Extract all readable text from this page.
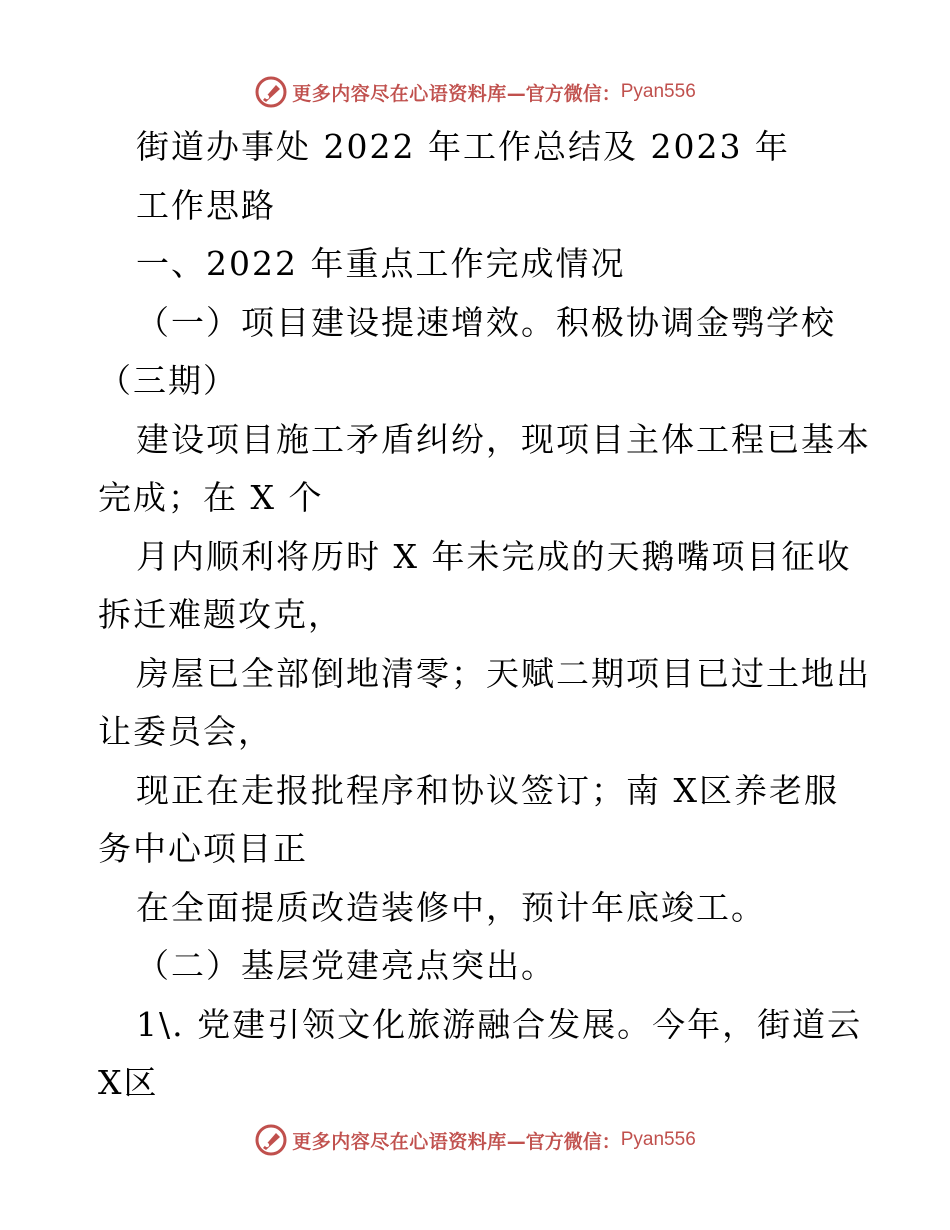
更多内容尽在心语资料库 —官方微信： Pyan556
街道办事处 2022 年工作总结及 2023 年
工作思路
一、2022 年重点工作完成情况
（一）项目建设提速增效。积极协调金鹗学校
（三期）
建设项目施工矛盾纠纷，现项目主体工程已基本
完成；在 X 个
月内顺利将历时 X 年未完成的天鹅嘴项目征收
拆迁难题攻克，
房屋已全部倒地清零；天赋二期项目已过土地出
让委员会，
现正在走报批程序和协议签订；南 X区养老服
务中心项目正
在全面提质改造装修中，预计年底竣工。
（二）基层党建亮点突出。
1\. 党建引领文化旅游融合发展。今年，街道云
X区
更多内容尽在心语资料库 —官方微信： Pyan556
